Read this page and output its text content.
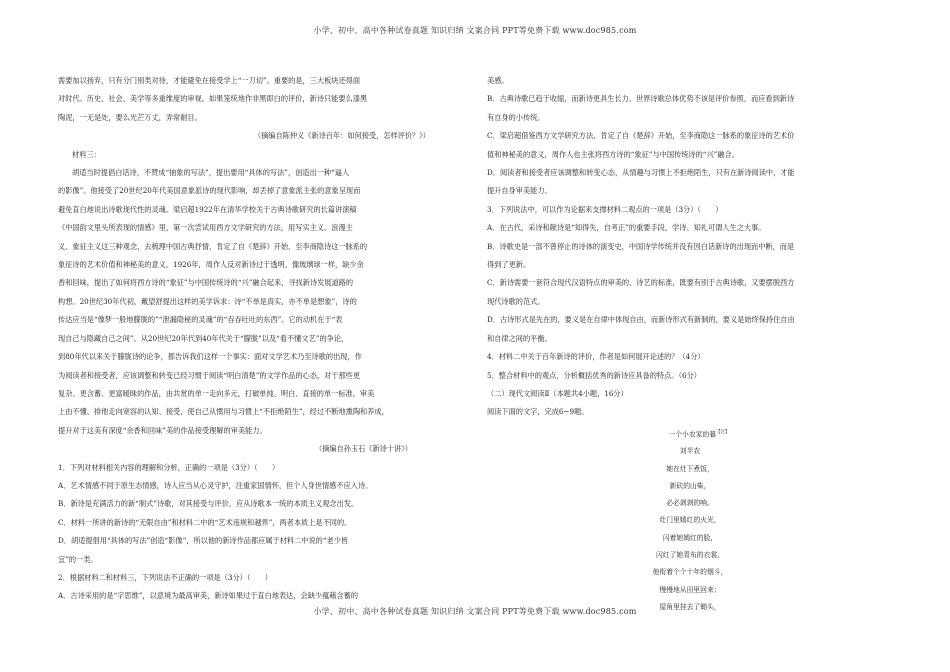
小学、初中、高中各种试卷真题 知识归纳 文案合同 PPT等免费下载 www.doc985.com

需要加以扬弃，只有分门别类对待，才能避免在接受学上“一刀切”。重要的是，三大板块还得面

对时代、历史、社会、美学等多重维度的审视。如果笼统地作非黑即白的评价，新诗只能要么漆黑

陶泥，一无是处，要么光芒万丈，弄常耐目。

（摘编自陈仲义《新诗百年：如何接受，怎样评价？》）

材料三：

胡适当时提倡白话诗，不赞成“抽象的写法”，提出要用“具体的写法”，创造出一种“逼人

的影像”。他接受了20世纪20年代美国意象派诗的现代影响，却丢掉了意象派主张的意象呈现而

避免直白地说出诗歌现代性的灵魂。梁启超1922年在清华学校关于古典诗歌研究的长篇讲演稿

《中国韵文里头所表现的情感》里，第一次尝试用西方文学研究的方法，用写实主义、浪漫主

义、象征主义这三种观念，去梳理中国古典抒情，肯定了自《楚辞》开始，至李商隐诗这一脉系的

象征诗的艺术价值和神秘美的意义。1926年，周作人反对新诗过于透明，像玻璃球一样，缺少余

香和回味，提出了如何将西方诗的“象征”与中国传统诗的“兴”融合起来，寻找新诗发展道路的

构想。20世纪30年代初，戴望舒提出这样的美学诉求：诗“不单是真实，亦不单是想象”，诗的

传达应当是“像梦一般地朦胧的”“泄漏隐秘的灵魂”的“吞吞吐吐的东西”。它的动机在于“表

现自己与隐藏自己之间”。从20世纪20年代到40年代关于“朦胧”以及“看不懂文艺”的争论，

到80年代以来关于朦胧诗的论争，都告诉我们这样一个事实：面对文学艺术乃至诗歌的出现，作

为阅读者和接受者，应该调整和转变已经习惯于阅读“明白清楚”的文学作品的心态，对于那些更

复杂、更含蓄、更富暧昧的作品，由共赏的单一走向多元，打破单纯、明白、直接的单一标准，审美

上由不懂、排他走向宽容的认知、接受，使自己从惯用与习惯上“不拒绝陌生”，经过不断地熏陶和养成，

提升对于这美有深度“余香和回味”美的作品接受理解的审美能力。

（摘编自孙玉石《新诗十讲》）

1．下列对材料相关内容的理解和分析，正确的一项是（3分）（　　）

A．艺术情感不同于原生态情感，诗人应当从心灵守护，注重家国情怀，但个人身世情感不应入诗。

B．新诗是充满活力的新“制式”诗歌，对其接受与评价，应从诗歌本一统的本质主义观念出发。

C．材料一所讲的新诗的“无限自由”和材料二中的“艺术违规和越界”，两者本质上是不同的。

D．胡适提倡用“具体的写法”创造“影像”，所以他的新诗作品都应属于材料二中说的“老少皆

宜”的一类。

2．根据材料二和材料三，下列说法不正确的一项是（3分）（　　）

A．古诗采用的是“字思维”，以意境为最高审美，新诗如果过于直白地表达，会缺少蕴藉含蓄的

美感。

B．古典诗歌已趋于收缩，而新诗更具生长力，世界诗歌总体优势不该是评价参照，而应看到新诗

有自身的小传统。

C．梁启超借鉴西方文学研究方法，肯定了自《楚辞》开始，至李商隐这一脉系的象征诗的艺术价

值和神秘美的意义，周作人也主张将西方诗的“象征”与中国传统诗的“兴”融合。

D．阅读者和接受者应该调整和转变心态，从情趣与习惯上不拒绝陌生，只有在新诗阅读中，才能

提升自身审美能力。

3．下列说法中，可以作为论据来支撑材料二观点的一项是（3分）（　　）

A．在古代，采诗和献诗是“知得失，自考正”的重要手段，学诗、知礼可谓人生之大事。

B．诗歌史是一部不曾停止的诗体的演变史，中国诗学传统并没有因白话新诗的出现而中断，而是

得到了更新。

C．新诗需要一套符合现代汉语特点的审美的、诗艺的标准，既要有别于古典诗歌，又要摆脱西方

现代诗歌的范式。

D．古诗形式是先在的，要义是在自律中体现自由，而新诗形式有新制的，要义是始终保持住自由

和自律之间的平衡。

4．材料二中关于百年新诗的评价，作者是如何展开论述的？（4分）

5．整合材料中的观点，分析概括优秀的新诗应具备的特点。（6分）

（二）现代文阅读Ⅱ（本题共4小题，16分）

阅读下面的文字，完成6~9题。

一个小农家的暮$^{【注】}$
刘半农
她在灶下煮饭，
新砍的山柴，
必必剥剥的响。
灶门里嫣红的火光，
闪着她嫣红的脸，
闪红了她青布的衣裳。
他衔着个个十年的烟斗，
慢慢地从田里回来；
屋角里挂去了锄头，
小学、初中、高中各种试卷真题 知识归纳 文案合同 PPT等免费下载 www.doc985.com
